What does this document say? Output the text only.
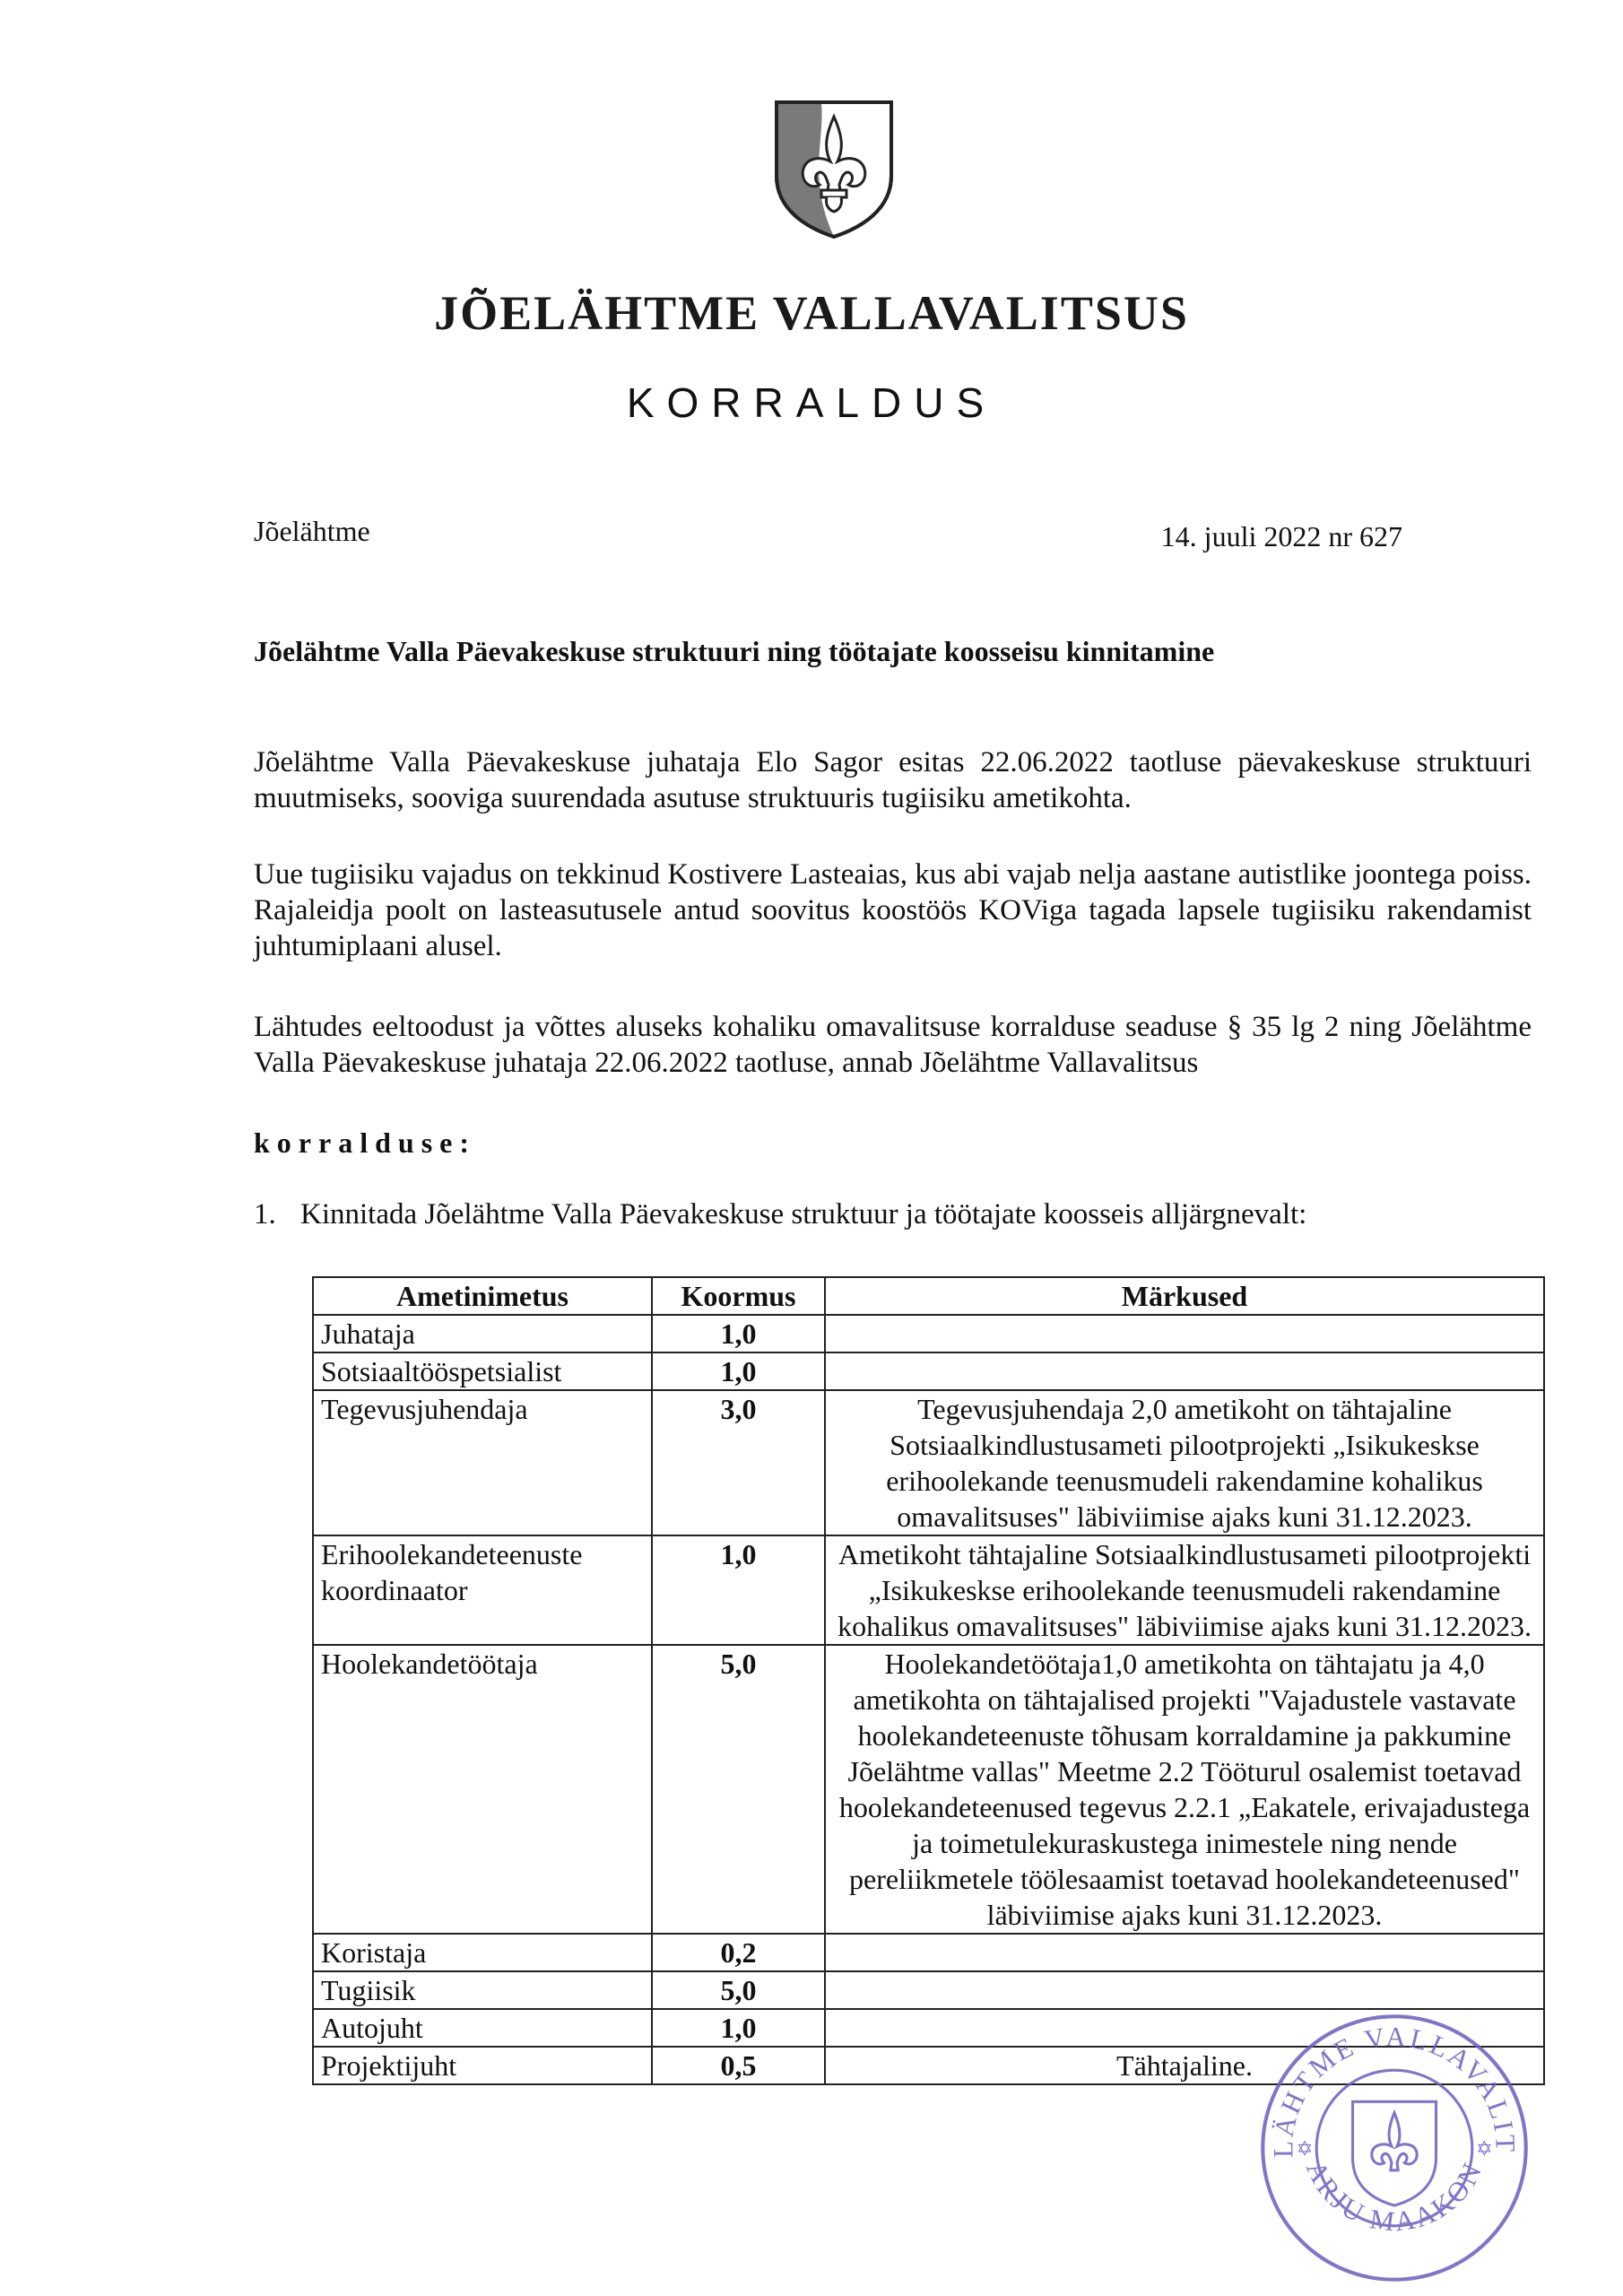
JÕELÄHTME VALLAVALITSUS
KORRALDUS
Jõelähtme	14. juuli 2022 nr 627
Jõelähtme Valla Päevakeskuse struktuuri ning töötajate koosseisu kinnitamine

Jõelähtme Valla Päevakeskuse juhataja Elo Sagor esitas 22.06.2022 taotluse päevakeskuse struktuuri muutmiseks, sooviga suurendada asutuse struktuuris tugiisiku ametikohta.

Uue tugiisiku vajadus on tekkinud Kostivere Lasteaias, kus abi vajab nelja aastane autistlike joontega poiss. Rajaleidja poolt on lasteasutusele antud soovitus koostöös KOViga tagada lapsele tugiisiku rakendamist juhtumiplaani alusel.

Lähtudes eeltoodust ja võttes aluseks kohaliku omavalitsuse korralduse seaduse § 35 lg 2 ning Jõelähtme Valla Päevakeskuse juhataja 22.06.2022 taotluse, annab Jõelähtme Vallavalitsus

korralduse:
1. Kinnitada Jõelähtme Valla Päevakeskuse struktuur ja töötajate koosseis alljärgnevalt:
Ametinimetus	Koormus	Märkused
Juhataja	1,0	
Sotsiaaltööspetsialist	1,0	
Tegevusjuhendaja	3,0	Tegevusjuhendaja 2,0 ametikoht on tähtajaline Sotsiaalkindlustusameti pilootprojekti „Isikukeskse erihoolekande teenusmudeli rakendamine kohalikus omavalitsuses" läbiviimise ajaks kuni 31.12.2023.
Erihoolekandeteenuste koordinaator	1,0	Ametikoht tähtajaline Sotsiaalkindlustusameti pilootprojekti „Isikukeskse erihoolekande teenusmudeli rakendamine kohalikus omavalitsuses" läbiviimise ajaks kuni 31.12.2023.
Hoolekandetöötaja	5,0	Hoolekandetöötaja1,0 ametikohta on tähtajatu ja 4,0 ametikohta on tähtajalised projekti "Vajadustele vastavate hoolekandeteenuste tõhusam korraldamine ja pakkumine Jõelähtme vallas" Meetme 2.2 Tööturul osalemist toetavad hoolekandeteenused tegevus 2.2.1 „Eakatele, erivajadustega ja toimetulekuraskustega inimestele ning nende pereliikmetele töölesaamist toetavad hoolekandeteenused" läbiviimise ajaks kuni 31.12.2023.
Koristaja	0,2	
Tugiisik	5,0	
Autojuht	1,0	
Projektijuht	0,5	Tähtajaline.
LÄHTME VALLAVALIT
ARJU MAAKON
✡	✡
